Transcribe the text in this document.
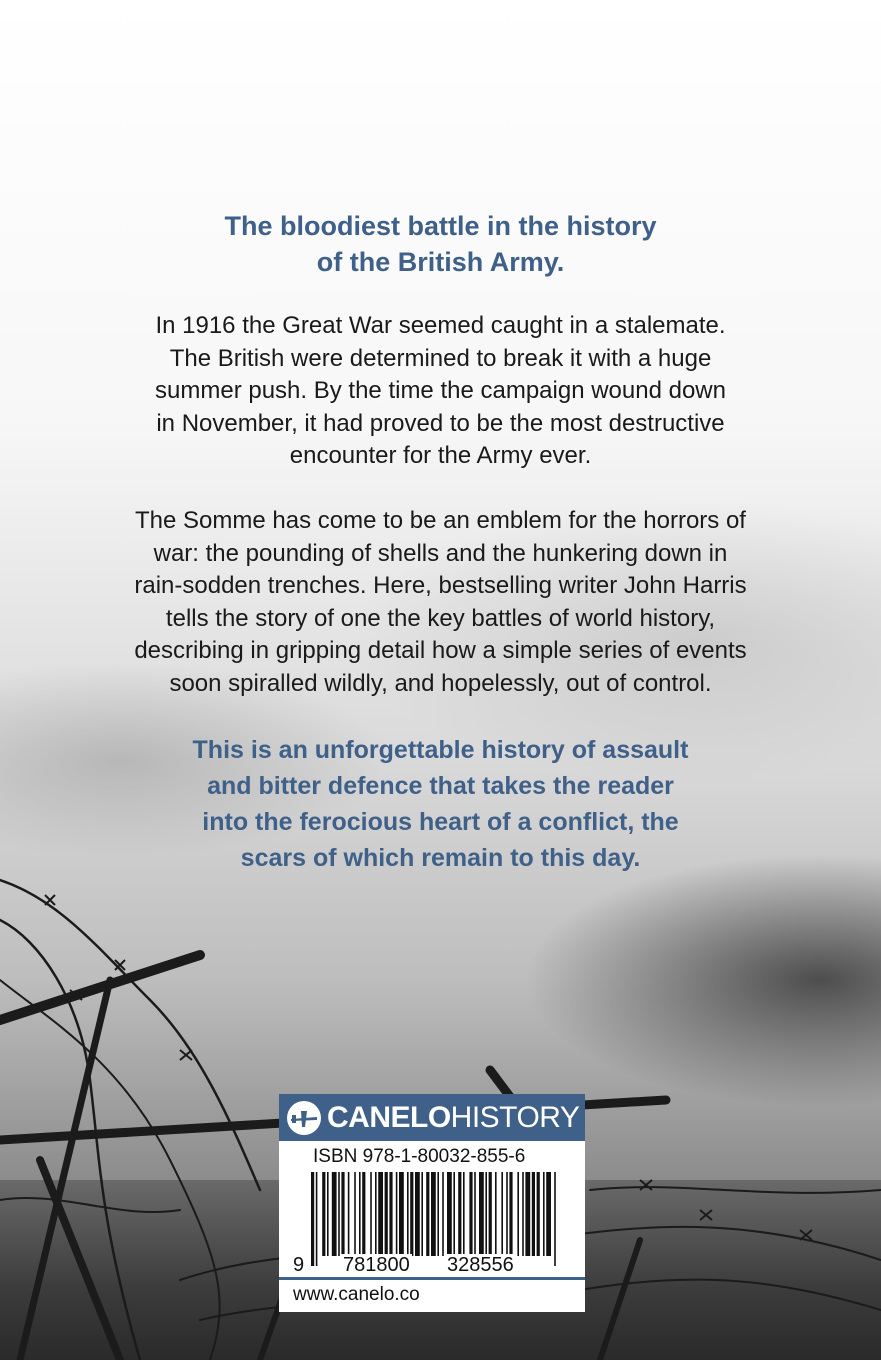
The bloodiest battle in the history
of the British Army.
In 1916 the Great War seemed caught in a stalemate.
The British were determined to break it with a huge
summer push. By the time the campaign wound down
in November, it had proved to be the most destructive
encounter for the Army ever.
The Somme has come to be an emblem for the horrors of
war: the pounding of shells and the hunkering down in
rain-sodden trenches. Here, bestselling writer John Harris
tells the story of one the key battles of world history,
describing in gripping detail how a simple series of events
soon spiralled wildly, and hopelessly, out of control.
This is an unforgettable history of assault
and bitter defence that takes the reader
into the ferocious heart of a conflict, the
scars of which remain to this day.
CANELOHISTORY
ISBN 978-1-80032-855-6
9 781800 328556
www.canelo.co
